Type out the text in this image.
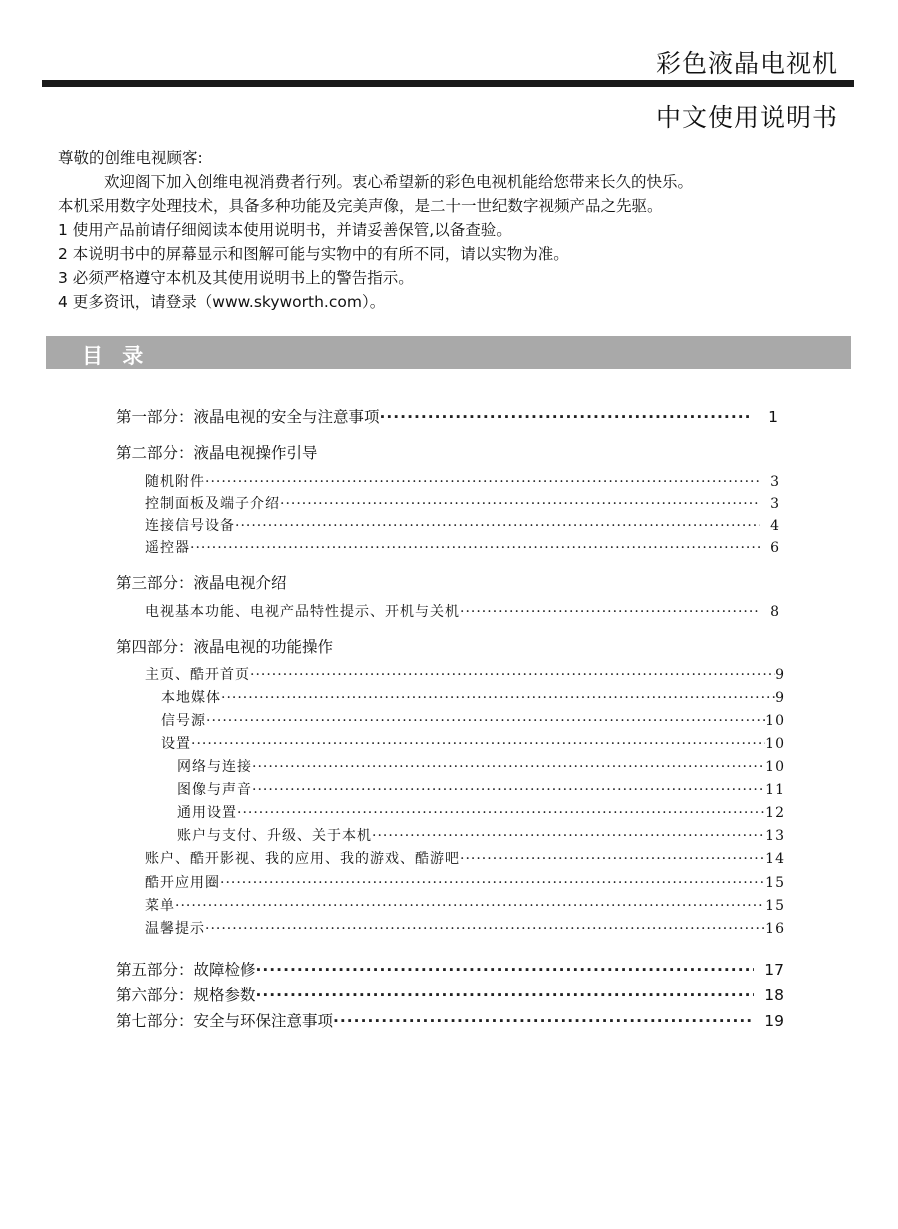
彩色液晶电视机
中文使用说明书
尊敬的创维电视顾客:
欢迎阁下加入创维电视消费者行列。衷心希望新的彩色电视机能给您带来长久的快乐。
本机采用数字处理技术，具备多种功能及完美声像，是二十一世纪数字视频产品之先驱。
1 使用产品前请仔细阅读本使用说明书，并请妥善保管,以备查验。
2 本说明书中的屏幕显示和图解可能与实物中的有所不同，请以实物为准。
3 必须严格遵守本机及其使用说明书上的警告指示。
4 更多资讯，请登录（www.skyworth.com）。
目 录
第一部分：液晶电视的安全与注意事项 ·····	1
第二部分：液晶电视操作引导
随机附件 ·····	3
控制面板及端子介绍 ·····	3
连接信号设备 ·····	4
遥控器 ·····	6
第三部分：液晶电视介绍
电视基本功能、电视产品特性提示、开机与关机 ·····	8
第四部分：液晶电视的功能操作
主页、酷开首页 ·····	9
本地媒体 ·····	9
信号源 ·····	10
设置 ·····	10
网络与连接 ·····	10
图像与声音 ·····	11
通用设置 ·····	12
账户与支付、升级、关于本机 ·····	13
账户、酷开影视、我的应用、我的游戏、酷游吧 ·····	14
酷开应用圈 ·····	15
菜单 ·····	15
温馨提示 ·····	16
第五部分：故障检修 ·····	17
第六部分：规格参数 ·····	18
第七部分：安全与环保注意事项 ·····	19
